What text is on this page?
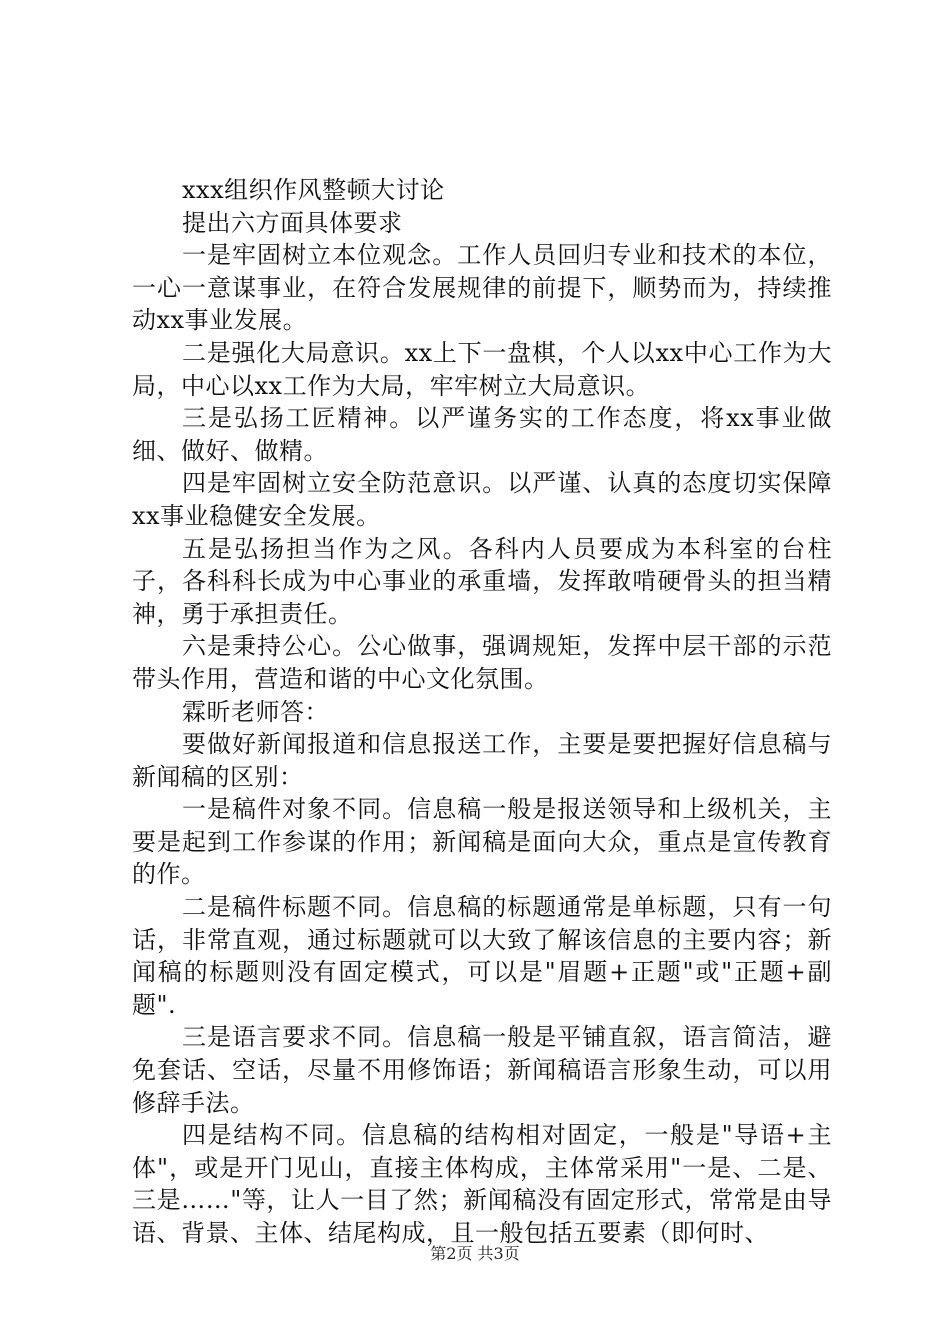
xxx组织作风整顿大讨论

提出六方面具体要求

一是牢固树立本位观念。工作人员回归专业和技术的本位，一心一意谋事业，在符合发展规律的前提下，顺势而为，持续推动xx事业发展。

二是强化大局意识。xx上下一盘棋，个人以xx中心工作为大局，中心以xx工作为大局，牢牢树立大局意识。

三是弘扬工匠精神。以严谨务实的工作态度，将xx事业做细、做好、做精。

四是牢固树立安全防范意识。以严谨、认真的态度切实保障xx事业稳健安全发展。

五是弘扬担当作为之风。各科内人员要成为本科室的台柱子，各科科长成为中心事业的承重墙，发挥敢啃硬骨头的担当精神，勇于承担责任。

六是秉持公心。公心做事，强调规矩，发挥中层干部的示范带头作用，营造和谐的中心文化氛围。

霖昕老师答：

要做好新闻报道和信息报送工作，主要是要把握好信息稿与新闻稿的区别：

一是稿件对象不同。信息稿一般是报送领导和上级机关，主要是起到工作参谋的作用；新闻稿是面向大众，重点是宣传教育的作。

二是稿件标题不同。信息稿的标题通常是单标题，只有一句话，非常直观，通过标题就可以大致了解该信息的主要内容；新闻稿的标题则没有固定模式，可以是"眉题+正题"或"正题+副题".

三是语言要求不同。信息稿一般是平铺直叙，语言简洁，避免套话、空话，尽量不用修饰语；新闻稿语言形象生动，可以用修辞手法。

四是结构不同。信息稿的结构相对固定，一般是"导语+主体"，或是开门见山，直接主体构成，主体常采用"一是、二是、三是……"等，让人一目了然；新闻稿没有固定形式，常常是由导语、背景、主体、结尾构成，且一般包括五要素（即何时、

第2页 共3页
